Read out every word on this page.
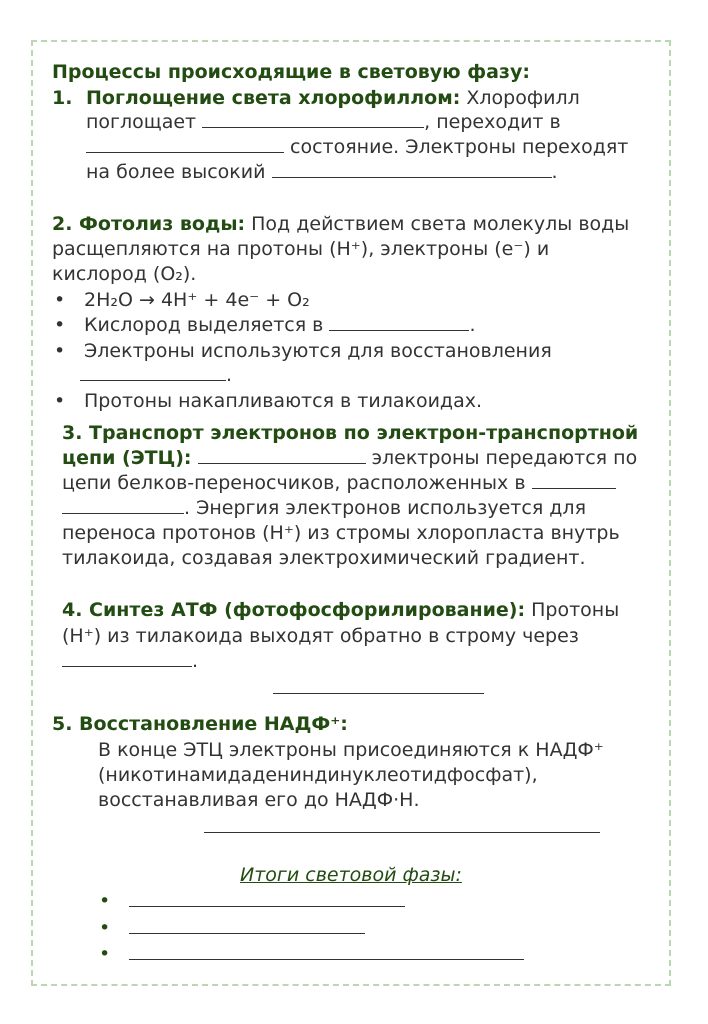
Процессы происходящие в световую фазу:
1. Поглощение света хлорофиллом: Хлорофилл
поглощает	, переходит в
состояние. Электроны переходят
на более высокий	.
2. Фотолиз воды: Под действием света молекулы воды
расщепляются на протоны (H⁺), электроны (e⁻) и
кислород (O₂).
• 2H₂O → 4H⁺ + 4e⁻ + O₂
• Кислород выделяется в	.
• Электроны используются для восстановления
.
• Протоны накапливаются в тилакоидах.
3. Транспорт электронов по электрон-транспортной
цепи (ЭТЦ):	электроны передаются по
цепи белков-переносчиков, расположенных в
. Энергия электронов используется для
переноса протонов (H⁺) из стромы хлоропласта внутрь
тилакоида, создавая электрохимический градиент.
4. Синтез АТФ (фотофосфорилирование): Протоны
(H⁺) из тилакоида выходят обратно в строму через
.
5. Восстановление НАДФ⁺:
В конце ЭТЦ электроны присоединяются к НАДФ⁺
(никотинамидадениндинуклеотидфосфат),
восстанавливая его до НАДФ·Н.
Итоги световой фазы:
•
•
•
